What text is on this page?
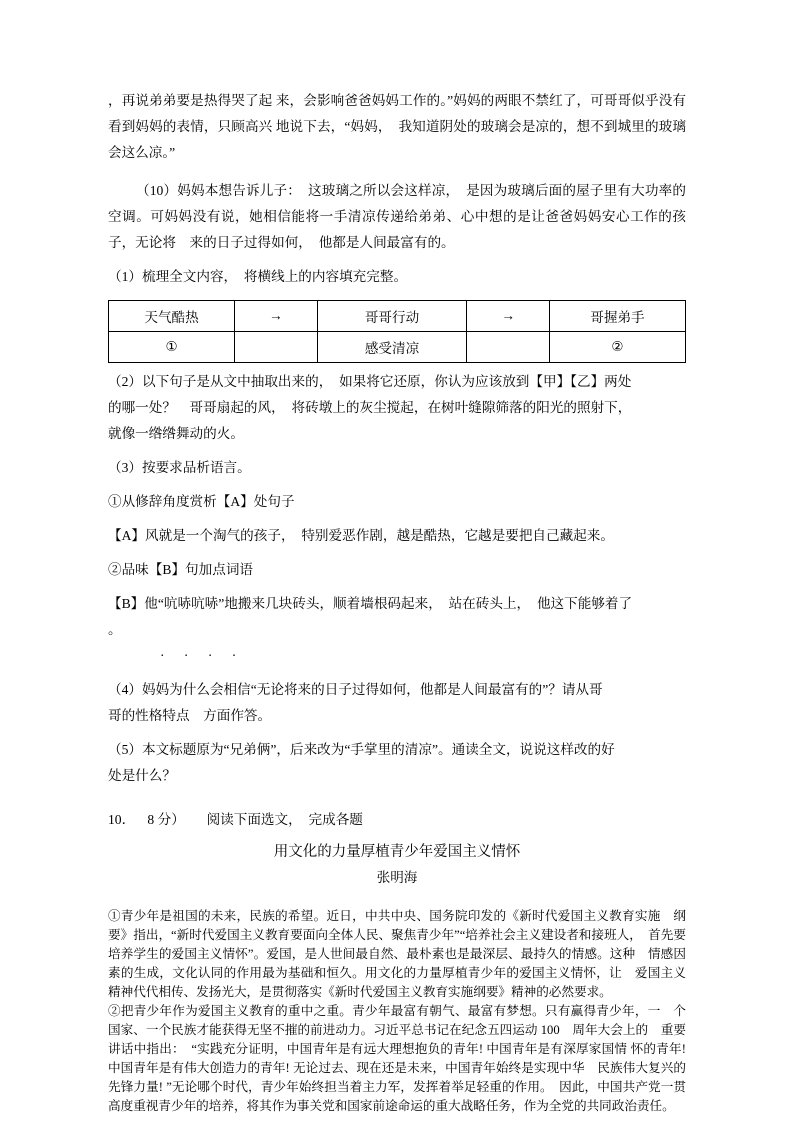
，再说弟弟要是热得哭了起 来，会影响爸爸妈妈工作的。”妈妈的两眼不禁红了，可哥哥似乎没有看到妈妈的表情，只顾高兴 地说下去，“妈妈，　我知道阴处的玻璃会是凉的，想不到城里的玻璃会这么凉。”

（10）妈妈本想告诉儿子：　这玻璃之所以会这样凉，　是因为玻璃后面的屋子里有大功率的空调。可妈妈没有说，她相信能将一手清凉传递给弟弟、心中想的是让爸爸妈妈安心工作的孩子，无论将　来的日子过得如何，　他都是人间最富有的。

（1）梳理全文内容，　将横线上的内容填充完整。

天气酷热	→	哥哥行动	→	哥握弟手
①		感受清凉		②

（2）以下句子是从文中抽取出来的，　如果将它还原，你认为应该放到【甲】【乙】两处

的哪一处？　哥哥扇起的风，　将砖墩上的灰尘搅起，在树叶缝隙筛落的阳光的照射下，

就像一绺绺舞动的火。

（3）按要求品析语言。

①从修辞角度赏析【A】处句子

【A】风就是一个淘气的孩子，　特别爱恶作剧，越是酷热，它越是要把自己藏起来。

②品味【B】句加点词语

【B】他“吭哧吭哧”地搬来几块砖头，顺着墙根码起来，　站在砖头上，　他这下能够着了

。

· · · ·

（4）妈妈为什么会相信“无论将来的日子过得如何，他都是人间最富有的”？请从哥

哥的性格特点　方面作答。

（5）本文标题原为“兄弟俩”，后来改为“手掌里的清凉”。通读全文，说说这样改的好

处是什么？

10． 8 分） 阅读下面选文，　完成各题

用文化的力量厚植青少年爱国主义情怀

张明海

①青少年是祖国的未来，民族的希望。近日，中共中央、国务院印发的《新时代爱国主义教育实施　纲要》指出，“新时代爱国主义教育要面向全体人民、聚焦青少年”“培养社会主义建设者和接班人，　首先要培养学生的爱国主义情怀”。爱国，是人世间最自然、最朴素也是最深层、最持久的情感。这种　情感因素的生成，文化认同的作用最为基础和恒久。用文化的力量厚植青少年的爱国主义情怀，让　爱国主义精神代代相传、发扬光大，是贯彻落实《新时代爱国主义教育实施纲要》精神的必然要求。

②把青少年作为爱国主义教育的重中之重。青少年最富有朝气、最富有梦想。只有赢得青少年，一　个国家、一个民族才能获得无坚不摧的前进动力。习近平总书记在纪念五四运动 100　周年大会上的　重要讲话中指出：　“实践充分证明，中国青年是有远大理想抱负的青年! 中国青年是有深厚家国情 怀的青年! 中国青年是有伟大创造力的青年! 无论过去、现在还是未来，中国青年始终是实现中华　民族伟大复兴的先锋力量! ”无论哪个时代，青少年始终担当着主力军，发挥着举足轻重的作用。　因此，中国共产党一贯高度重视青少年的培养，将其作为事关党和国家前途命运的重大战略任务，作为全党的共同政治责任。
